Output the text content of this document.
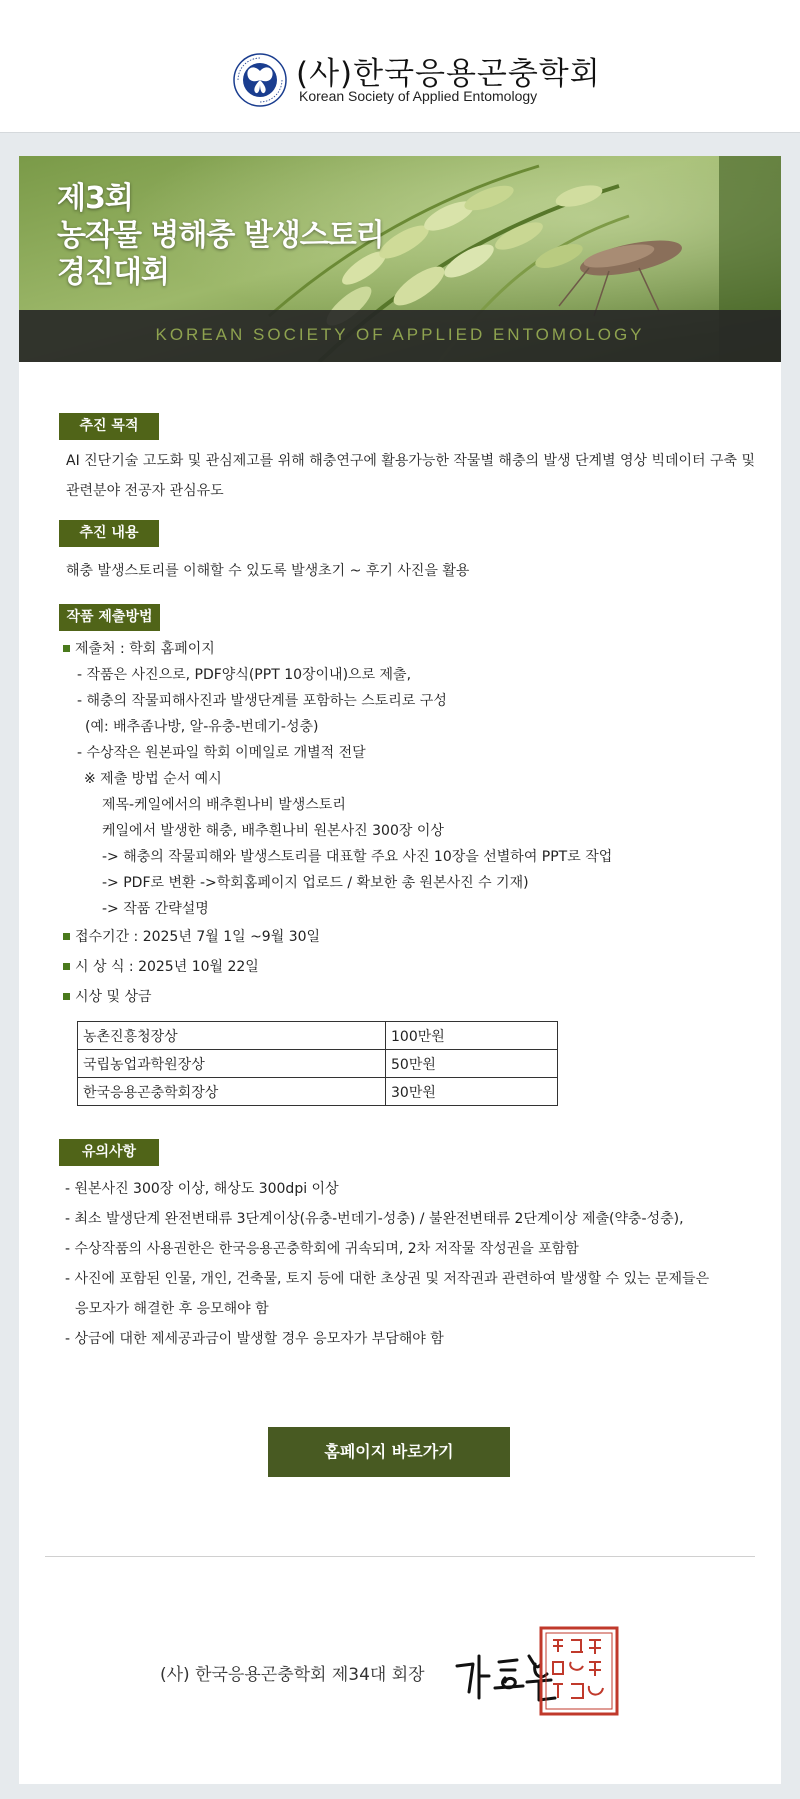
(사)한국응용곤충학회
Korean Society of Applied Entomology
제3회
농작물 병해충 발생스토리
경진대회
KOREAN SOCIETY OF APPLIED ENTOMOLOGY
추진 목적
AI 진단기술 고도화 및 관심제고를 위해 해충연구에 활용가능한 작물별 해충의 발생 단계별 영상 빅데이터 구축 및
관련분야 전공자 관심유도
추진 내용
해충 발생스토리를 이해할 수 있도록 발생초기 ~ 후기 사진을 활용
작품 제출방법
제출처 : 학회 홈페이지
- 작품은 사진으로, PDF양식(PPT 10장이내)으로 제출,
- 해충의 작물피해사진과 발생단계를 포함하는 스토리로 구성
(예: 배추좀나방, 알-유충-번데기-성충)
- 수상작은 원본파일 학회 이메일로 개별적 전달
※ 제출 방법 순서 예시
제목-케일에서의 배추흰나비 발생스토리
케일에서 발생한 해충, 배추흰나비 원본사진 300장 이상
-> 해충의 작물피해와 발생스토리를 대표할 주요 사진 10장을 선별하여 PPT로 작업
-> PDF로 변환 ->학회홈페이지 업로드 / 확보한 총 원본사진 수 기재)
-> 작품 간략설명
접수기간 : 2025년 7월 1일 ~9월 30일
시 상 식 : 2025년 10월 22일
시상 및 상금
농촌진흥청장상	100만원
국립농업과학원장상	50만원
한국응용곤충학회장상	30만원
유의사항
- 원본사진 300장 이상, 해상도 300dpi 이상
- 최소 발생단계 완전변태류 3단계이상(유충-번데기-성충) / 불완전변태류 2단계이상 제출(약충-성충),
- 수상작품의 사용권한은 한국응용곤충학회에 귀속되며, 2차 저작물 작성권을 포함함
- 사진에 포함된 인물, 개인, 건축물, 토지 등에 대한 초상권 및 저작권과 관련하여 발생할 수 있는 문제들은
응모자가 해결한 후 응모해야 함
- 상금에 대한 제세공과금이 발생할 경우 응모자가 부담해야 함
홈페이지 바로가기
(사) 한국응용곤충학회 제34대 회장
